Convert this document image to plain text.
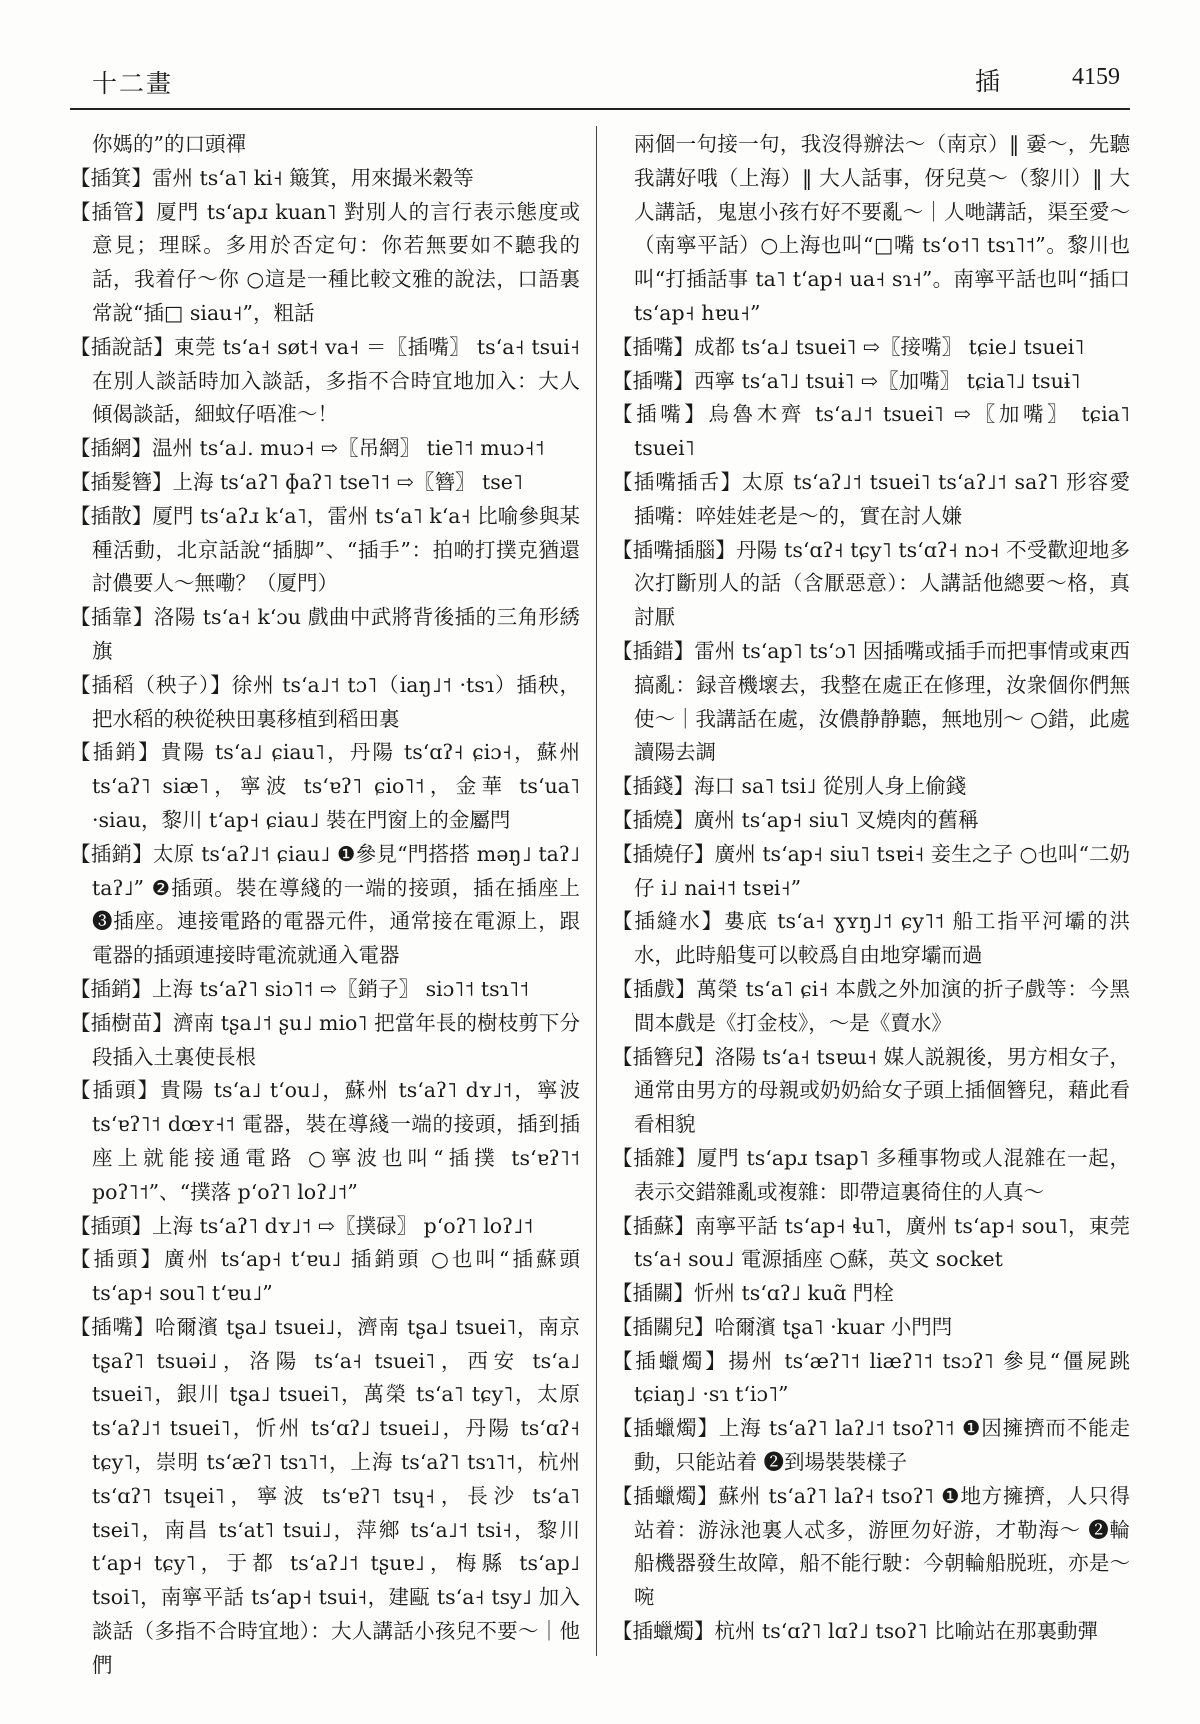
十二畫	插	4159

你媽的”的口頭禪

【插箕】雷州 tsʻa˥ ki˧ 簸箕，用來撮米穀等

【插管】厦門 tsʻapɹ kuan˥ 對別人的言行表示態度或意見；理睬。多用於否定句：你若無要如不聽我的話，我着仔～你 ○這是一種比較文雅的說法，口語裏常說“插□ siau˧”，粗話

【插說話】東莞 tsʻa˧ søt˧ va˧ ＝〖插嘴〗 tsʻa˧ tsui˧ 在別人談話時加入談話，多指不合時宜地加入：大人傾偈談話，細蚊仔唔准～！

【插網】温州 tsʻa˩. muɔ˧ ⇨〖吊網〗 tie˥˦ muɔ˧˦

【插髮簪】上海 tsʻaʔ˥ ɸaʔ˥ tse˥˦ ⇨〖簪〗 tse˥

【插散】厦門 tsʻaʔɹ kʻa˥，雷州 tsʻa˥ kʻa˧ 比喻參與某種活動，北京話說“插脚”、“插手”：拍啲打撲克猶還討儂要人～無嘞？（厦門）

【插靠】洛陽 tsʻa˧ kʻɔu 戲曲中武將背後插的三角形綉旗

【插稻（秧子）】徐州 tsʻa˩˦ tɔ˥（iaŋ˩˦ ·tsɿ）插秧，把水稻的秧從秧田裏移植到稻田裏

【插銷】貴陽 tsʻa˩ ɕiau˥，丹陽 tsʻɑʔ˧ ɕiɔ˧，蘇州 tsʻaʔ˥ siæ˥，寧波 tsʻɐʔ˥ ɕio˥˦，金華 tsʻua˥ ·siau，黎川 tʻap˧ ɕiau˩ 裝在門窗上的金屬閂

【插銷】太原 tsʻaʔ˩˦ ɕiau˩ ❶參見“門搭搭 məŋ˩ taʔ˩ taʔ˩” ❷插頭。裝在導綫的一端的接頭，插在插座上 ❸插座。連接電路的電器元件，通常接在電源上，跟電器的插頭連接時電流就通入電器

【插銷】上海 tsʻaʔ˥ siɔ˥˦ ⇨〖銷子〗 siɔ˥˦ tsɿ˥˦

【插樹苗】濟南 tʂa˩˦ ʂu˩ mio˥ 把當年長的樹枝剪下分段插入土裏使長根

【插頭】貴陽 tsʻa˩ tʻou˩，蘇州 tsʻaʔ˥ dʏ˩˦，寧波 tsʻɐʔ˥˦ dœʏ˧˦ 電器，裝在導綫一端的接頭，插到插座上就能接通電路 ○寧波也叫“插撲 tsʻɐʔ˥˦ poʔ˥˦”、“撲落 pʻoʔ˥ loʔ˩˦”

【插頭】上海 tsʻaʔ˥ dʏ˩˦ ⇨〖撲碌〗 pʻoʔ˥ loʔ˩˦

【插頭】廣州 tsʻap˧ tʻɐu˩ 插銷頭 ○也叫“插蘇頭 tsʻap˧ sou˥ tʻɐu˩”

【插嘴】哈爾濱 tʂa˩ tsuei˩，濟南 tʂa˩ tsuei˥，南京 tʂaʔ˥ tsuəi˩，洛陽 tsʻa˧ tsuei˥，西安 tsʻa˩ tsuei˥，銀川 tʂa˩ tsuei˥，萬榮 tsʻa˥ tɕy˥，太原 tsʻaʔ˩˦ tsuei˥，忻州 tsʻɑʔ˩ tsuei˩，丹陽 tsʻɑʔ˧ tɕy˥，崇明 tsʻæʔ˥ tsɿ˥˦，上海 tsʻaʔ˥ tsɿ˥˦，杭州 tsʻɑʔ˥ tsɥei˥，寧波 tsʻɐʔ˥ tsɥ˧，長沙 tsʻa˥ tsei˥，南昌 tsʻat˥ tsui˩，萍鄉 tsʻa˩˦ tsi˧，黎川 tʻap˧ tɕy˥，于都 tsʻaʔ˩˦ tʂuɐ˩，梅縣 tsʻap˩ tsoi˥，南寧平話 tsʻap˧ tsui˧，建甌 tsʻa˧ tsy˩ 加入談話（多指不合時宜地）：大人講話小孩兒不要～｜他們

兩個一句接一句，我沒得辦法～（南京）‖ 嫑～，先聽我講好哦（上海）‖ 大人話事，伢兒莫～（黎川）‖ 大人講話，鬼崽小孩冇好不要亂～｜人哋講話，渠至愛～（南寧平話）○上海也叫“□嘴 tsʻo˦˥ tsɿ˥˦”。黎川也叫“打插話事 ta˥ tʻap˧ ua˧ sɿ˧”。南寧平話也叫“插口 tsʻap˧ hɐu˧”

【插嘴】成都 tsʻa˩ tsuei˥ ⇨〖接嘴〗 tɕie˩ tsuei˥

【插嘴】西寧 tsʻa˥˩ tsuɨ˥ ⇨〖加嘴〗 tɕia˥˩ tsuɨ˥

【插嘴】烏魯木齊 tsʻa˩˦ tsuei˥ ⇨〖加嘴〗 tɕia˥ tsuei˥

【插嘴插舌】太原 tsʻaʔ˩˦ tsuei˥ tsʻaʔ˩˦ saʔ˥ 形容愛插嘴：啐娃娃老是～的，實在討人嫌

【插嘴插腦】丹陽 tsʻɑʔ˧ tɕy˥ tsʻɑʔ˧ nɔ˧ 不受歡迎地多次打斷別人的話（含厭惡意）：人講話他總要～格，真討厭

【插錯】雷州 tsʻap˥ tsʻɔ˥ 因插嘴或插手而把事情或東西搞亂：録音機壞去，我整在處正在修理，汝衆個你們無使～｜我講話在處，汝儂静静聽，無地別～ ○錯，此處讀陽去調

【插錢】海口 sa˥ tsi˩ 從別人身上偷錢

【插燒】廣州 tsʻap˧ siu˥ 叉燒肉的舊稱

【插燒仔】廣州 tsʻap˧ siu˥ tsɐi˧ 妾生之子 ○也叫“二奶仔 i˩ nai˧˦ tsɐi˧”

【插縫水】婁底 tsʻa˧ ɣʏŋ˩˦ ɕy˥˦ 船工指平河壩的洪水，此時船隻可以較爲自由地穿壩而過

【插戲】萬榮 tsʻa˥ ɕi˧ 本戲之外加演的折子戲等：今黑間本戲是《打金枝》，～是《賣水》

【插簪兒】洛陽 tsʻa˧ tsɐɯ˧ 媒人説親後，男方相女子，通常由男方的母親或奶奶給女子頭上插個簪兒，藉此看看相貌

【插雜】厦門 tsʻapɹ tsap˥ 多種事物或人混雜在一起，表示交錯雜亂或複雜：即帶這裏徛住的人真～

【插蘇】南寧平話 tsʻap˧ ɬu˥，廣州 tsʻap˧ sou˥，東莞 tsʻa˧ sou˩ 電源插座 ○蘇，英文 socket

【插關】忻州 tsʻɑʔ˩ kuɑ̃ 門栓

【插關兒】哈爾濱 tʂa˥ ·kuar 小門閂

【插蠟燭】揚州 tsʻæʔ˥˦ liæʔ˥˦ tsɔʔ˥ 參見“僵屍跳 tɕiaŋ˩ ·sɿ tʻiɔ˥”

【插蠟燭】上海 tsʻaʔ˥ laʔ˩˦ tsoʔ˥˦ ❶因擁擠而不能走動，只能站着 ❷到場裝裝樣子

【插蠟燭】蘇州 tsʻaʔ˥ laʔ˧ tsoʔ˥ ❶地方擁擠，人只得站着：游泳池裏人忒多，游匣勿好游，才勒海～ ❷輪船機器發生故障，船不能行駛：今朝輪船脱班，亦是～啘

【插蠟燭】杭州 tsʻɑʔ˥ lɑʔ˩ tsoʔ˥ 比喻站在那裏動彈
